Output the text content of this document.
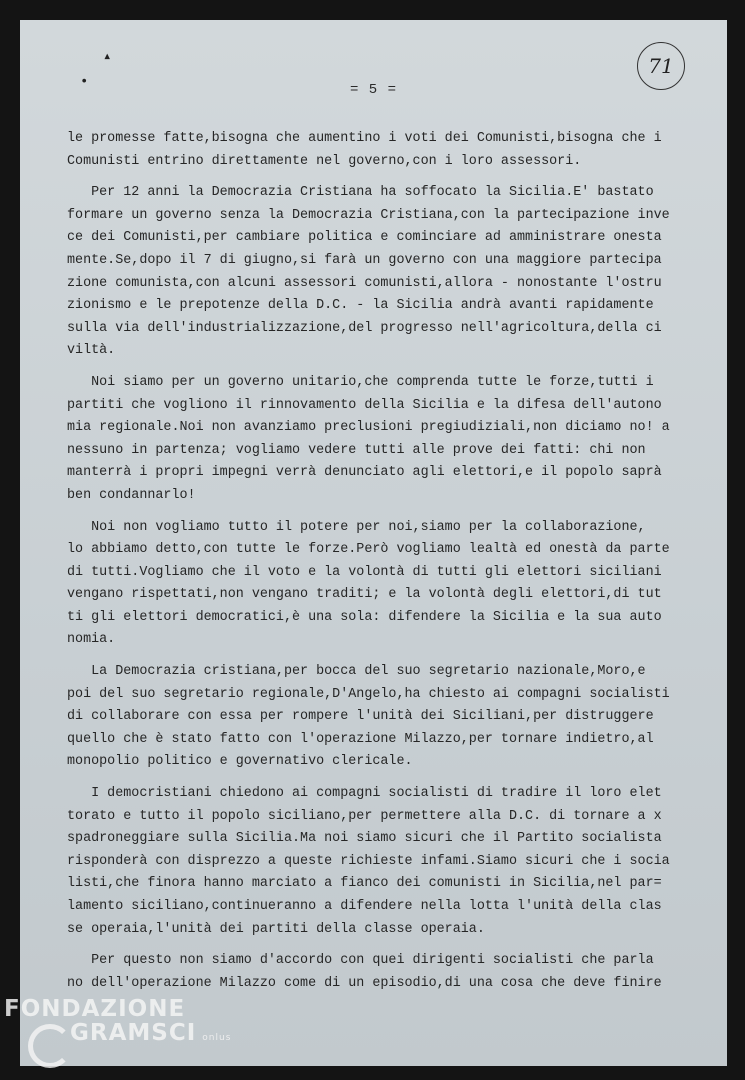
▴
•	= 5 =
71
le promesse fatte,bisogna che aumentino i voti dei Comunisti,bisogna che i
Comunisti entrino direttamente nel governo,con i loro assessori.
Per 12 anni la Democrazia Cristiana ha soffocato la Sicilia.E' bastato
formare un governo senza la Democrazia Cristiana,con la partecipazione inve
ce dei Comunisti,per cambiare politica e cominciare ad amministrare onesta
mente.Se,dopo il 7 di giugno,si farà un governo con una maggiore partecipa
zione comunista,con alcuni assessori comunisti,allora - nonostante l'ostru
zionismo e le prepotenze della D.C. - la Sicilia andrà avanti rapidamente
sulla via dell'industrializzazione,del progresso nell'agricoltura,della ci
viltà.
Noi siamo per un governo unitario,che comprenda tutte le forze,tutti i
partiti che vogliono il rinnovamento della Sicilia e la difesa dell'autono
mia regionale.Noi non avanziamo preclusioni pregiudiziali,non diciamo no! a
nessuno in partenza; vogliamo vedere tutti alle prove dei fatti: chi non
manterrà i propri impegni verrà denunciato agli elettori,e il popolo saprà
ben condannarlo!
Noi non vogliamo tutto il potere per noi,siamo per la collaborazione,
lo abbiamo detto,con tutte le forze.Però vogliamo lealtà ed onestà da parte
di tutti.Vogliamo che il voto e la volontà di tutti gli elettori siciliani
vengano rispettati,non vengano traditi; e la volontà degli elettori,di tut
ti gli elettori democratici,è una sola: difendere la Sicilia e la sua auto
nomia.
La Democrazia cristiana,per bocca del suo segretario nazionale,Moro,e
poi del suo segretario regionale,D'Angelo,ha chiesto ai compagni socialisti
di collaborare con essa per rompere l'unità dei Siciliani,per distruggere
quello che è stato fatto con l'operazione Milazzo,per tornare indietro,al
monopolio politico e governativo clericale.
I democristiani chiedono ai compagni socialisti di tradire il loro elet
torato e tutto il popolo siciliano,per permettere alla D.C. di tornare a x
spadroneggiare sulla Sicilia.Ma noi siamo sicuri che il Partito socialista
risponderà con disprezzo a queste richieste infami.Siamo sicuri che i socia
listi,che finora hanno marciato a fianco dei comunisti in Sicilia,nel par=
lamento siciliano,continueranno a difendere nella lotta l'unità della clas
se operaia,l'unità dei partiti della classe operaia.
Per questo non siamo d'accordo con quei dirigenti socialisti che parla
no dell'operazione Milazzo come di un episodio,di una cosa che deve finire
FONDAZIONE
GRAMSCI onlus
